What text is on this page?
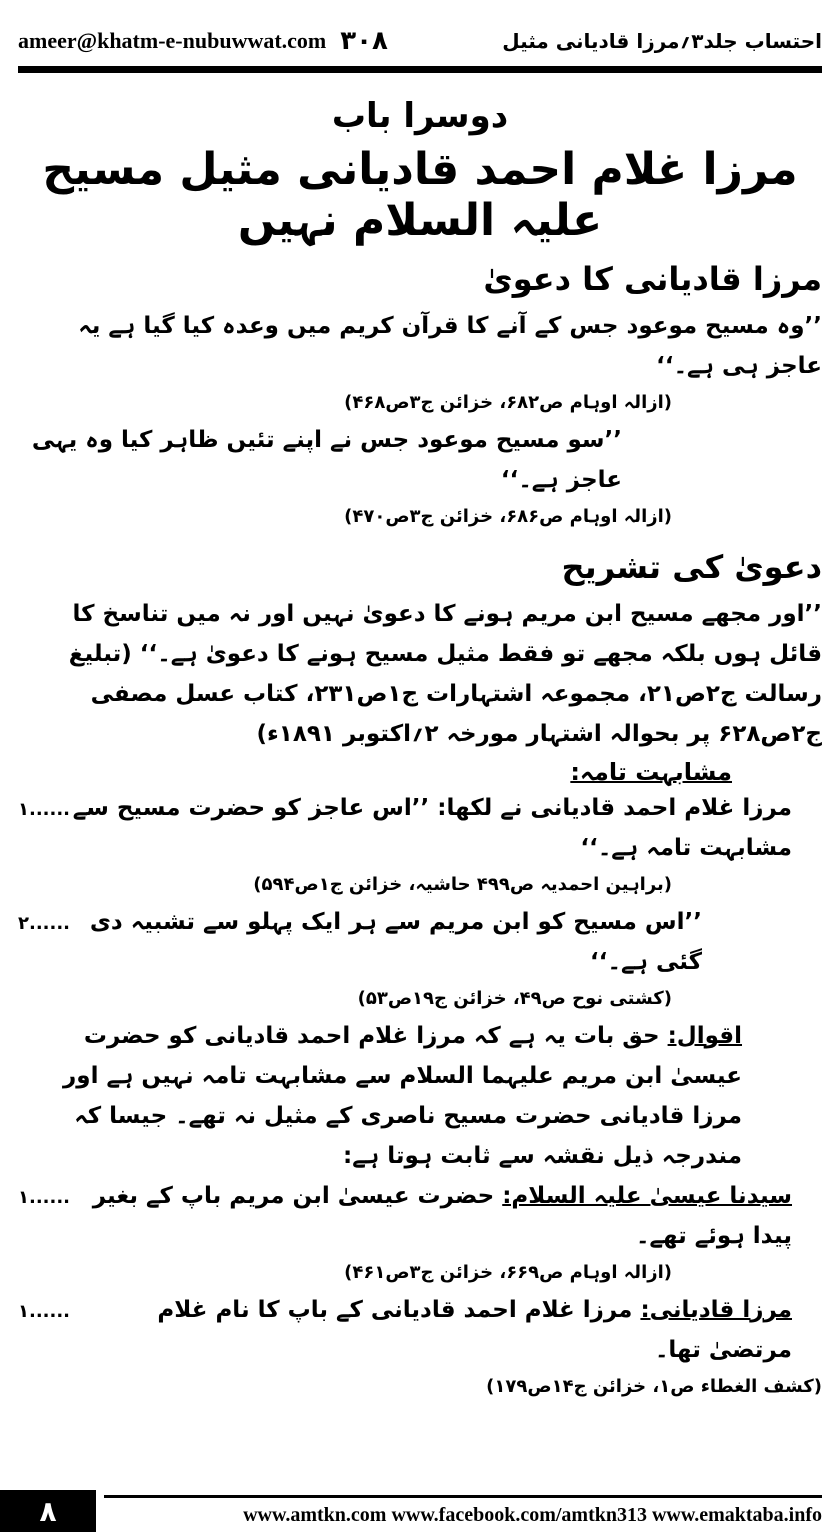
ameer@khatm-e-nubuwwat.com ۳۰۸	احتساب جلد۳؍مرزا قادیانی مثیل
دوسرا باب
مرزا غلام احمد قادیانی مثیل مسیح علیہ السلام نہیں
مرزا قادیانی کا دعویٰ

’’وہ مسیح موعود جس کے آنے کا قرآن کریم میں وعدہ کیا گیا ہے یہ عاجز ہی ہے۔‘‘

(ازالہ اوہام ص۶۸۲، خزائن ج۳ص۴۶۸)

’’سو مسیح موعود جس نے اپنے تئیں ظاہر کیا وہ یہی عاجز ہے۔‘‘

(ازالہ اوہام ص۶۸۶، خزائن ج۳ص۴۷۰)

دعویٰ کی تشریح

’’اور مجھے مسیح ابن مریم ہونے کا دعویٰ نہیں اور نہ میں تناسخ کا قائل ہوں بلکہ مجھے تو فقط مثیل مسیح ہونے کا دعویٰ ہے۔‘‘ (تبلیغ رسالت ج۲ص۲۱، مجموعہ اشتہارات ج۱ص۲۳۱، کتاب عسل مصفی ج۲ص۶۲۸ پر بحوالہ اشتہار مورخہ ۲؍اکتوبر ۱۸۹۱ء)

مشابہت تامہ:
مرزا غلام احمد قادیانی نے لکھا: ’’اس عاجز کو حضرت مسیح سے مشابہت تامہ ہے۔‘‘
۱......

(براہین احمدیہ ص۴۹۹ حاشیہ، خزائن ج۱ص۵۹۴)

’’اس مسیح کو ابن مریم سے ہر ایک پہلو سے تشبیہ دی گئی ہے۔‘‘
۲......

(کشتی نوح ص۴۹، خزائن ج۱۹ص۵۳)

اقوال: حق بات یہ ہے کہ مرزا غلام احمد قادیانی کو حضرت عیسیٰ ابن مریم علیہما السلام سے مشابہت تامہ نہیں ہے اور مرزا قادیانی حضرت مسیح ناصری کے مثیل نہ تھے۔ جیسا کہ مندرجہ ذیل نقشہ سے ثابت ہوتا ہے:

سیدنا عیسیٰ علیہ السلام: حضرت عیسیٰ ابن مریم باپ کے بغیر پیدا ہوئے تھے۔
۱......

(ازالہ اوہام ص۶۶۹، خزائن ج۳ص۴۶۱)

مرزا قادیانی: مرزا غلام احمد قادیانی کے باپ کا نام غلام مرتضیٰ تھا۔
۱......

(کشف الغطاء ص۱، خزائن ج۱۴ص۱۷۹)

۸	www.amtkn.com www.facebook.com/amtkn313 www.emaktaba.info
